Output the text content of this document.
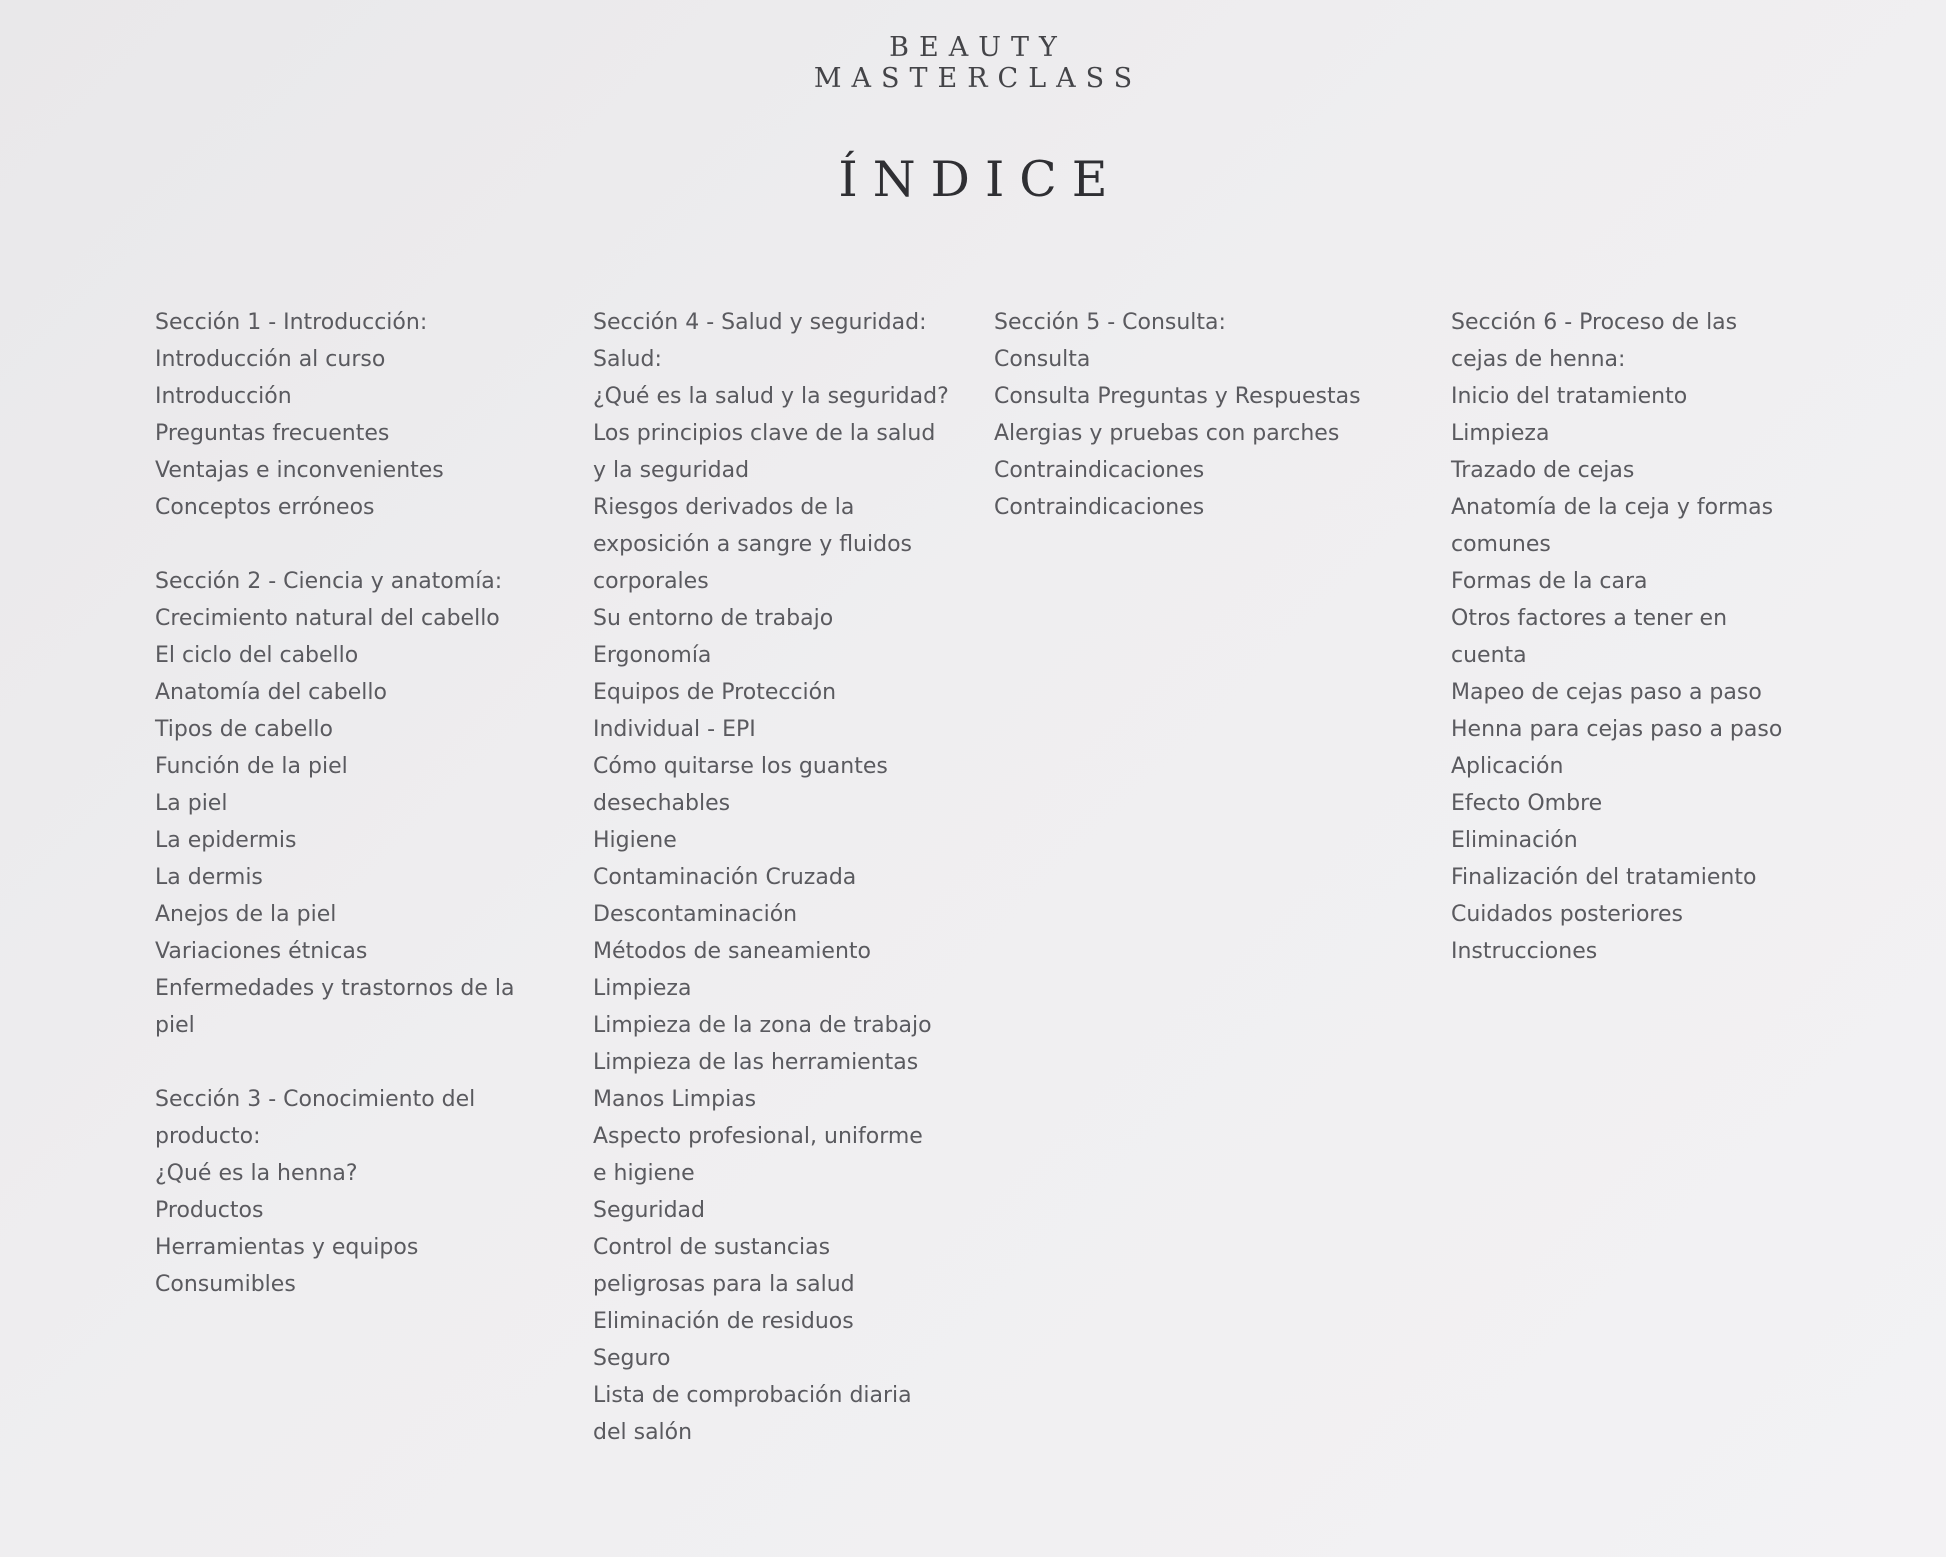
BEAUTY
MASTERCLASS
ÍNDICE
Sección 1 - Introducción:
Introducción al curso
Introducción
Preguntas frecuentes
Ventajas e inconvenientes
Conceptos erróneos
Sección 2 - Ciencia y anatomía:
Crecimiento natural del cabello
El ciclo del cabello
Anatomía del cabello
Tipos de cabello
Función de la piel
La piel
La epidermis
La dermis
Anejos de la piel
Variaciones étnicas
Enfermedades y trastornos de la
piel
Sección 3 - Conocimiento del
producto:
¿Qué es la henna?
Productos
Herramientas y equipos
Consumibles
Sección 4 - Salud y seguridad:
Salud:
¿Qué es la salud y la seguridad?
Los principios clave de la salud
y la seguridad
Riesgos derivados de la
exposición a sangre y fluidos
corporales
Su entorno de trabajo
Ergonomía
Equipos de Protección
Individual - EPI
Cómo quitarse los guantes
desechables
Higiene
Contaminación Cruzada
Descontaminación
Métodos de saneamiento
Limpieza
Limpieza de la zona de trabajo
Limpieza de las herramientas
Manos Limpias
Aspecto profesional, uniforme
e higiene
Seguridad
Control de sustancias
peligrosas para la salud
Eliminación de residuos
Seguro
Lista de comprobación diaria
del salón
Sección 5 - Consulta:
Consulta
Consulta Preguntas y Respuestas
Alergias y pruebas con parches
Contraindicaciones
Contraindicaciones
Sección 6 - Proceso de las
cejas de henna:
Inicio del tratamiento
Limpieza
Trazado de cejas
Anatomía de la ceja y formas
comunes
Formas de la cara
Otros factores a tener en
cuenta
Mapeo de cejas paso a paso
Henna para cejas paso a paso
Aplicación
Efecto Ombre
Eliminación
Finalización del tratamiento
Cuidados posteriores
Instrucciones
